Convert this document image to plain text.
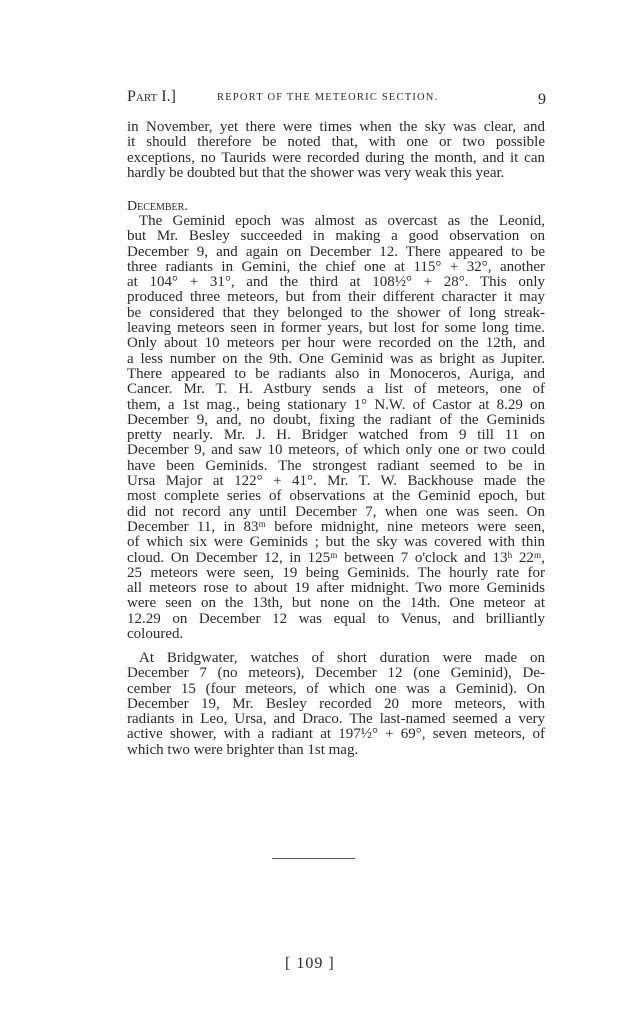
Part I.]	REPORT OF THE METEORIC SECTION.	9
in November, yet there were times when the sky was clear, and
it should therefore be noted that, with one or two possible
exceptions, no Taurids were recorded during the month, and it can
hardly be doubted but that the shower was very weak this year.
December.
The Geminid epoch was almost as overcast as the Leonid,
but Mr. Besley succeeded in making a good observation on
December 9, and again on December 12. There appeared to be
three radiants in Gemini, the chief one at 115° + 32°, another
at 104° + 31°, and the third at 108½° + 28°. This only
produced three meteors, but from their different character it may
be considered that they belonged to the shower of long streak-
leaving meteors seen in former years, but lost for some long time.
Only about 10 meteors per hour were recorded on the 12th, and
a less number on the 9th. One Geminid was as bright as Jupiter.
There appeared to be radiants also in Monoceros, Auriga, and
Cancer. Mr. T. H. Astbury sends a list of meteors, one of
them, a 1st mag., being stationary 1° N.W. of Castor at 8.29 on
December 9, and, no doubt, fixing the radiant of the Geminids
pretty nearly. Mr. J. H. Bridger watched from 9 till 11 on
December 9, and saw 10 meteors, of which only one or two could
have been Geminids. The strongest radiant seemed to be in
Ursa Major at 122° + 41°. Mr. T. W. Backhouse made the
most complete series of observations at the Geminid epoch, but
did not record any until December 7, when one was seen. On
December 11, in 83ᵐ before midnight, nine meteors were seen,
of which six were Geminids ; but the sky was covered with thin
cloud. On December 12, in 125ᵐ between 7 o'clock and 13ʰ 22ᵐ,
25 meteors were seen, 19 being Geminids. The hourly rate for
all meteors rose to about 19 after midnight. Two more Geminids
were seen on the 13th, but none on the 14th. One meteor at
12.29 on December 12 was equal to Venus, and brilliantly
coloured.
At Bridgwater, watches of short duration were made on
December 7 (no meteors), December 12 (one Geminid), De-
cember 15 (four meteors, of which one was a Geminid). On
December 19, Mr. Besley recorded 20 more meteors, with
radiants in Leo, Ursa, and Draco. The last-named seemed a very
active shower, with a radiant at 197½° + 69°, seven meteors, of
which two were brighter than 1st mag.
[ 109 ]
